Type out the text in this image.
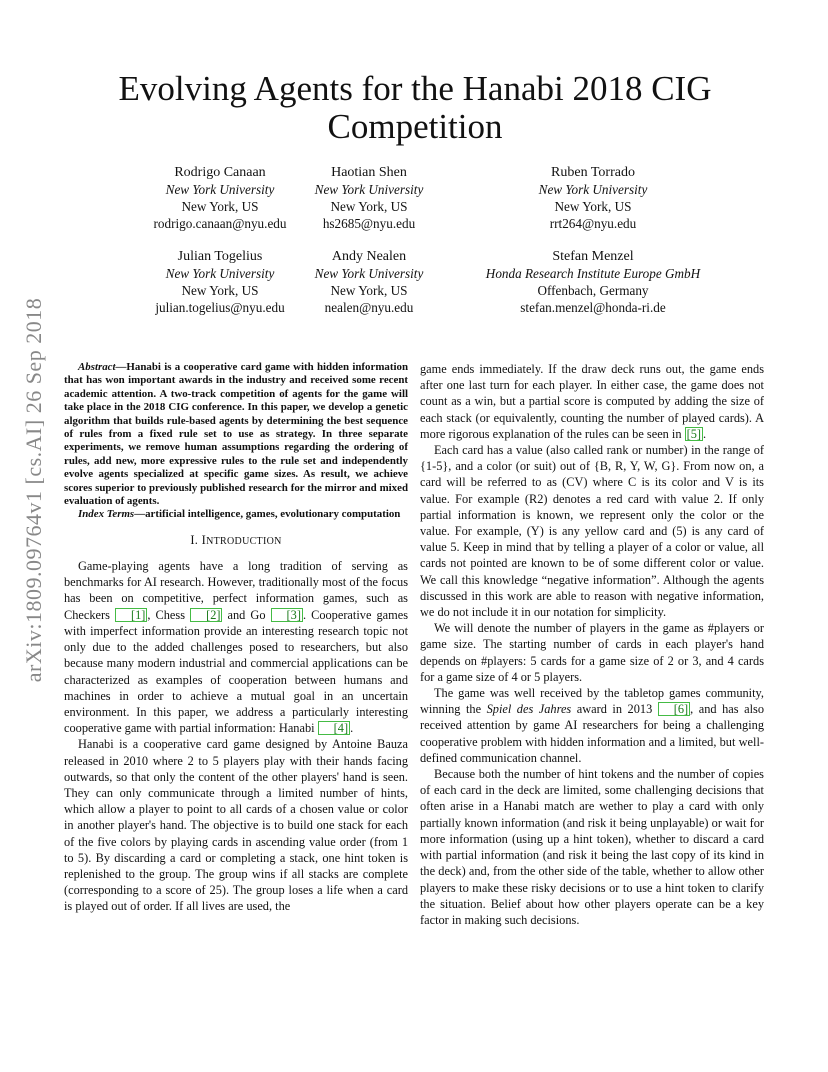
arXiv:1809.09764v1 [cs.AI] 26 Sep 2018
Evolving Agents for the Hanabi 2018 CIG Competition
Rodrigo Canaan
New York University
New York, US
rodrigo.canaan@nyu.edu
Haotian Shen
New York University
New York, US
hs2685@nyu.edu
Ruben Torrado
New York University
New York, US
rrt264@nyu.edu
Julian Togelius
New York University
New York, US
julian.togelius@nyu.edu
Andy Nealen
New York University
New York, US
nealen@nyu.edu
Stefan Menzel
Honda Research Institute Europe GmbH
Offenbach, Germany
stefan.menzel@honda-ri.de

Abstract—Hanabi is a cooperative card game with hidden information that has won important awards in the industry and received some recent academic attention. A two-track competition of agents for the game will take place in the 2018 CIG conference. In this paper, we develop a genetic algorithm that builds rule-based agents by determining the best sequence of rules from a fixed rule set to use as strategy. In three separate experiments, we remove human assumptions regarding the ordering of rules, add new, more expressive rules to the rule set and independently evolve agents specialized at specific game sizes. As result, we achieve scores superior to previously published research for the mirror and mixed evaluation of agents.

Index Terms—artificial intelligence, games, evolutionary computation

I. INTRODUCTION

Game-playing agents have a long tradition of serving as benchmarks for AI research. However, traditionally most of the focus has been on competitive, perfect information games, such as Checkers [1] , Chess [2] and Go [3] . Cooperative games with imperfect information provide an interesting research topic not only due to the added challenges posed to researchers, but also because many modern industrial and commercial applications can be characterized as examples of cooperation between humans and machines in order to achieve a mutual goal in an uncertain environment. In this paper, we address a particularly interesting cooperative game with partial information: Hanabi [4] .

Hanabi is a cooperative card game designed by Antoine Bauza released in 2010 where 2 to 5 players play with their hands facing outwards, so that only the content of the other players' hand is seen. They can only communicate through a limited number of hints, which allow a player to point to all cards of a chosen value or color in another player's hand. The objective is to build one stack for each of the five colors by playing cards in ascending value order (from 1 to 5). By discarding a card or completing a stack, one hint token is replenished to the group. The group wins if all stacks are complete (corresponding to a score of 25). The group loses a life when a card is played out of order. If all lives are used, the

game ends immediately. If the draw deck runs out, the game ends after one last turn for each player. In either case, the game does not count as a win, but a partial score is computed by adding the size of each stack (or equivalently, counting the number of played cards). A more rigorous explanation of the rules can be seen in [5] .

Each card has a value (also called rank or number) in the range of {1-5}, and a color (or suit) out of {B, R, Y, W, G}. From now on, a card will be referred to as (CV) where C is its color and V is its value. For example (R2) denotes a red card with value 2. If only partial information is known, we represent only the color or the value. For example, (Y) is any yellow card and (5) is any card of value 5. Keep in mind that by telling a player of a color or value, all cards not pointed are known to be of some different color or value. We call this knowledge “negative information”. Although the agents discussed in this work are able to reason with negative information, we do not include it in our notation for simplicity.

We will denote the number of players in the game as #players or game size. The starting number of cards in each player's hand depends on #players: 5 cards for a game size of 2 or 3, and 4 cards for a game size of 4 or 5 players.

The game was well received by the tabletop games community, winning the Spiel des Jahres award in 2013 [6] , and has also received attention by game AI researchers for being a challenging cooperative problem with hidden information and a limited, but well-defined communication channel.

Because both the number of hint tokens and the number of copies of each card in the deck are limited, some challenging decisions that often arise in a Hanabi match are wether to play a card with only partially known information (and risk it being unplayable) or wait for more information (using up a hint token), whether to discard a card with partial information (and risk it being the last copy of its kind in the deck) and, from the other side of the table, whether to allow other players to make these risky decisions or to use a hint token to clarify the situation. Belief about how other players operate can be a key factor in making such decisions.
